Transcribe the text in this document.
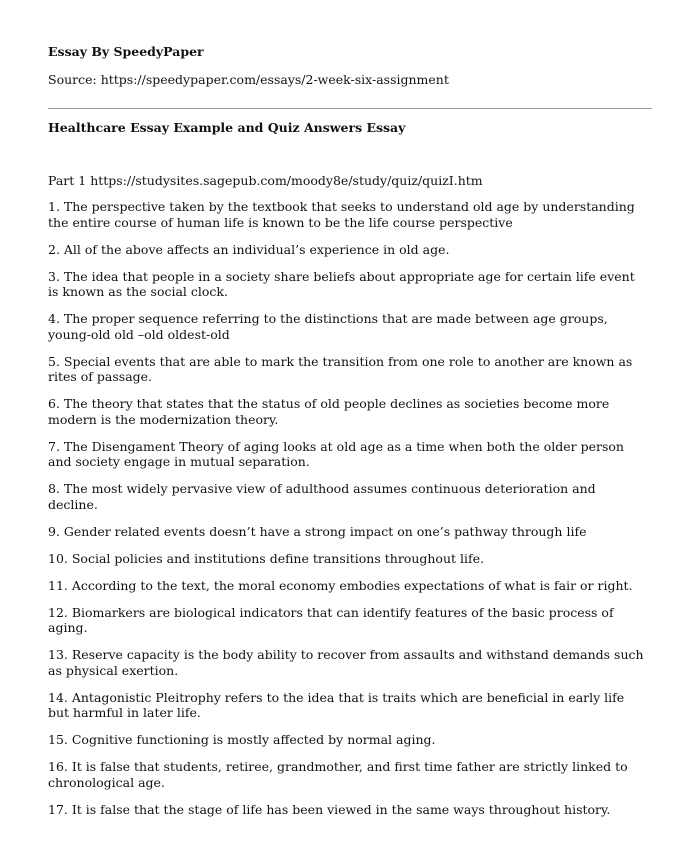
Essay By SpeedyPaper

Source: https://speedypaper.com/essays/2-week-six-assignment

Healthcare Essay Example and Quiz Answers Essay

Part 1 https://studysites.sagepub.com/moody8e/study/quiz/quizI.htm

1. The perspective taken by the textbook that seeks to understand old age by understanding the entire course of human life is known to be the life course perspective
2. All of the above affects an individual’s experience in old age.
3. The idea that people in a society share beliefs about appropriate age for certain life event is known as the social clock.
4. The proper sequence referring to the distinctions that are made between age groups, young-old old –old oldest-old
5. Special events that are able to mark the transition from one role to another are known as rites of passage.
6. The theory that states that the status of old people declines as societies become more modern is the modernization theory.
7. The Disengament Theory of aging looks at old age as a time when both the older person and society engage in mutual separation.
8. The most widely pervasive view of adulthood assumes continuous deterioration and decline.
9. Gender related events doesn’t have a strong impact on one’s pathway through life
10. Social policies and institutions define transitions throughout life.
11. According to the text, the moral economy embodies expectations of what is fair or right.
12. Biomarkers are biological indicators that can identify features of the basic process of aging.
13. Reserve capacity is the body ability to recover from assaults and withstand demands such as physical exertion.
14. Antagonistic Pleitrophy refers to the idea that is traits which are beneficial in early life but harmful in later life.
15. Cognitive functioning is mostly affected by normal aging.
16. It is false that students, retiree, grandmother, and first time father are strictly linked to chronological age.
17. It is false that the stage of life has been viewed in the same ways throughout history.
